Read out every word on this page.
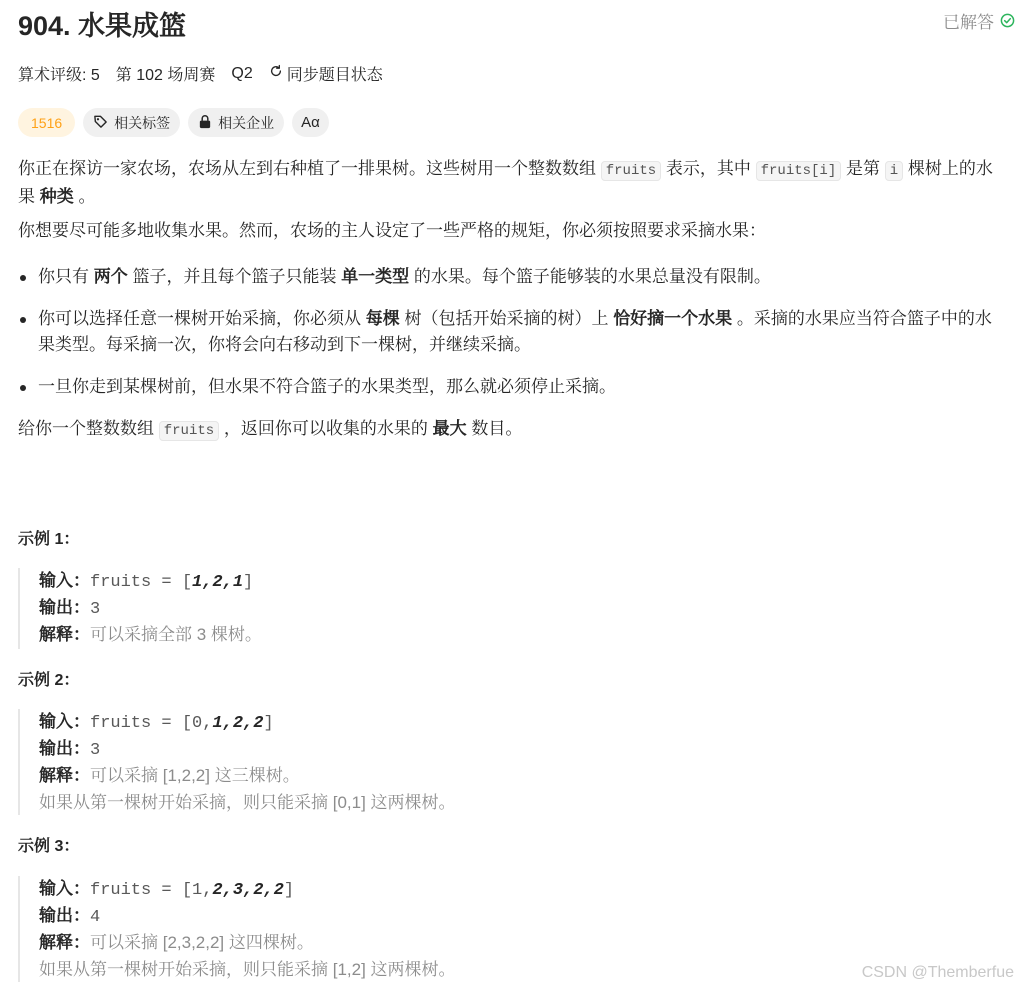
904. 水果成篮	已解答
算术评级: 5 第 102 场周赛 Q2 同步题目状态
1516	相关标签	相关企业 Aα

你正在探访一家农场，农场从左到右种植了一排果树。这些树用一个整数数组 fruits 表示，其中 fruits[i] 是第 i 棵树上的水果 种类 。

你想要尽可能多地收集水果。然而，农场的主人设定了一些严格的规矩，你必须按照要求采摘水果：

你只有 两个 篮子，并且每个篮子只能装 单一类型 的水果。每个篮子能够装的水果总量没有限制。
你可以选择任意一棵树开始采摘，你必须从 每棵 树（包括开始采摘的树）上 恰好摘一个水果 。采摘的水果应当符合篮子中的水果类型。每采摘一次，你将会向右移动到下一棵树，并继续采摘。
一旦你走到某棵树前，但水果不符合篮子的水果类型，那么就必须停止采摘。

给你一个整数数组 fruits ，返回你可以收集的水果的 最大 数目。

示例 1：
输入：fruits = [1,2,1]
输出：3
解释：可以采摘全部 3 棵树。
示例 2：
输入：fruits = [0,1,2,2]
输出：3
解释：可以采摘 [1,2,2] 这三棵树。
如果从第一棵树开始采摘，则只能采摘 [0,1] 这两棵树。
示例 3：
输入：fruits = [1,2,3,2,2]
输出：4
解释：可以采摘 [2,3,2,2] 这四棵树。
如果从第一棵树开始采摘，则只能采摘 [1,2] 这两棵树。	CSDN @Themberfue
